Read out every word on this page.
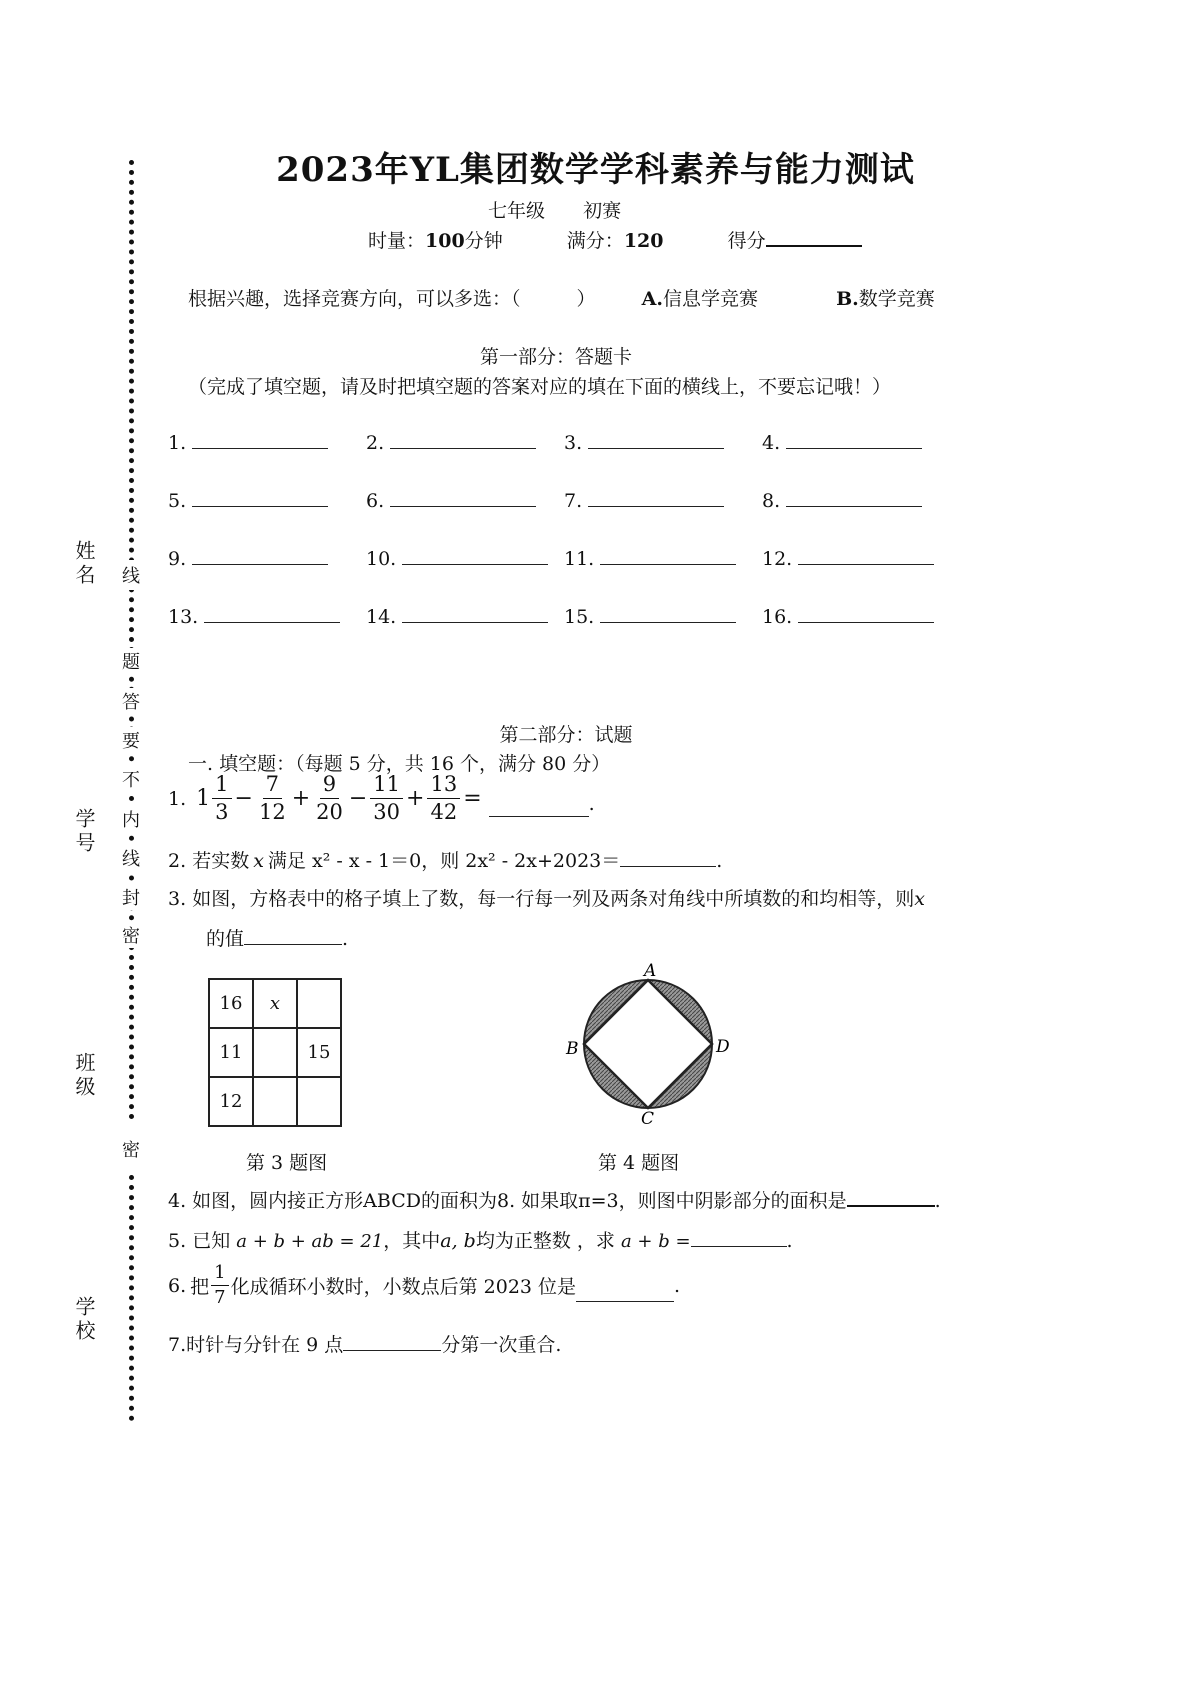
线
题
答
要
不
内
线
封
密
密
姓名
学号
班级
学校
2023年YL集团数学学科素养与能力测试
七年级 初赛
时量：100分钟	满分：120	得分
根据兴趣，选择竞赛方向，可以多选：（	） A.信息学竞赛	B.数学竞赛
第一部分：答题卡
（完成了填空题，请及时把填空题的答案对应的填在下面的横线上，不要忘记哦！）
1.	2.	3.	4.
5.	6.	7.	8.
9.	10.	11.	12.
13.	14.	15.	16.
第二部分：试题
一. 填空题：（每题 5 分，共 16 个，满分 80 分）
1. $1 \frac{1}{3} - \frac{7}{12} + \frac{9}{20} - \frac{11}{30} + \frac{13}{42}$ =	.
2. 若实数 x 满足 x² - x - 1＝0，则 2x² - 2x+2023＝	.
3. 如图，方格表中的格子填上了数，每一行每一列及两条对角线中所填数的和均相等，则x
的值	.
16	x	
11		15
12		
A
B
C
D
第 3 题图	第 4 题图
4. 如图，圆内接正方形ABCD的面积为8. 如果取π=3，则图中阴影部分的面积是	.
5. 已知 a + b + ab = 21，其中a, b均为正整数 ，求 a + b =	.
6. 把 $\frac{1}{7}$ 化成循环小数时，小数点后第 2023 位是	.
7.时针与分针在 9 点	分第一次重合.
